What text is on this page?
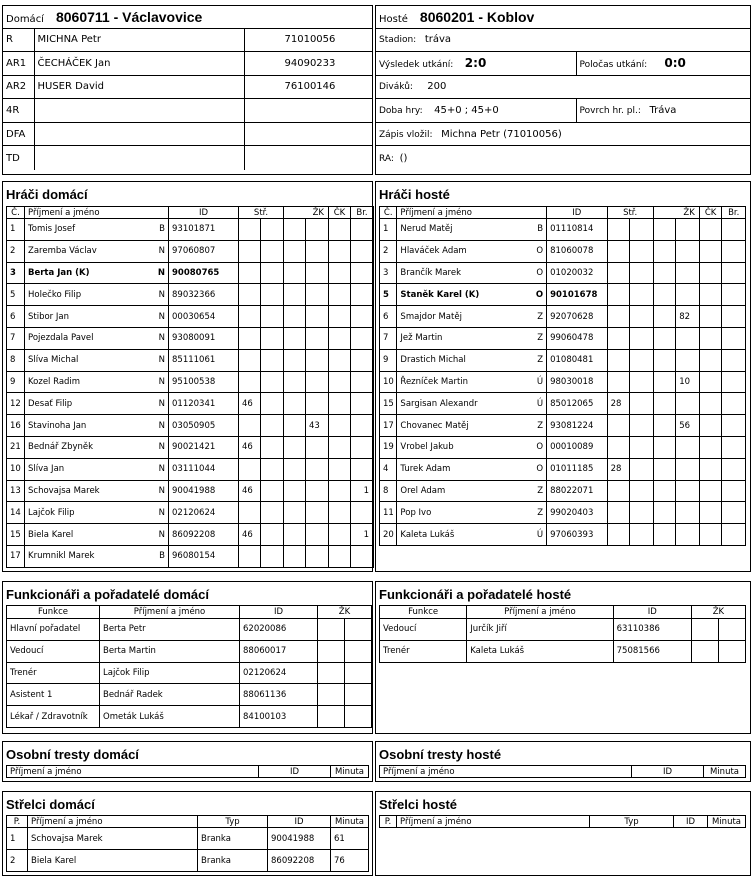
Domácí 8060711 - Václavovice		
R	MICHNA Petr	71010056
AR1	ČECHÁČEK Jan	94090233
AR2	HUSER David	76100146
4R		
DFA		
TD		
Hosté 8060201 - Koblov	
Stadion: tráva	
Výsledek utkání: 2:0	Poločas utkání: 0:0
Diváků: 200	
Doba hry: 45+0 ; 45+0	Povrch hr. pl.: Tráva
Zápis vložil: Michna Petr (71010056)	
RA: ()	
Hráči domácí
Č.	Příjmení a jméno	ID	Stř.		ŽK		ČK	Br.
1	Tomis Josef B	93101871						
2	Zaremba Václav N	97060807						
3	Berta Jan (K) N	90080765						
5	Holečko Filip N	89032366						
6	Stibor Jan N	00030654						
7	Pojezdala Pavel N	93080091						
8	Slíva Michal N	85111061						
9	Kozel Radim N	95100538						
12	Desať Filip N	01120341	46					
16	Stavinoha Jan N	03050905				43		
21	Bednář Zbyněk N	90021421	46					
10	Slíva Jan N	03111044						
13	Schovajsa Marek N	90041988	46					1
14	Lajčok Filip N	02120624						
15	Biela Karel N	86092208	46					1
17	Krumnikl Marek B	96080154						
Hráči hosté
Č.	Příjmení a jméno	ID	Stř.		ŽK		ČK	Br.
1	Nerud Matěj B	01110814						
2	Hlaváček Adam O	81060078						
3	Brančík Marek O	01020032						
5	Staněk Karel (K) O	90101678						
6	Smajdor Matěj Z	92070628				82		
7	Jež Martin Z	99060478						
9	Drastich Michal Z	01080481						
10	Řezníček Martin Ú	98030018				10		
15	Sargisan Alexandr Ú	85012065	28					
17	Chovanec Matěj Z	93081224				56		
19	Vrobel Jakub O	00010089						
4	Turek Adam O	01011185	28					
8	Orel Adam Z	88022071						
11	Pop Ivo Z	99020403						
20	Kaleta Lukáš Ú	97060393						
Funkcionáři a pořadatelé domácí
Funkce	Příjmení a jméno	ID	ŽK	
Hlavní pořadatel	Berta Petr	62020086		
Vedoucí	Berta Martin	88060017		
Trenér	Lajčok Filip	02120624		
Asistent 1	Bednář Radek	88061136		
Lékař / Zdravotník	Ometák Lukáš	84100103		
Funkcionáři a pořadatelé hosté
Funkce	Příjmení a jméno	ID	ŽK	
Vedoucí	Jurčík Jiří	63110386		
Trenér	Kaleta Lukáš	75081566		
Osobní tresty domácí
Příjmení a jméno	ID	Minuta
Osobní tresty hosté
Příjmení a jméno	ID	Minuta
Střelci domácí
P.	Příjmení a jméno	Typ	ID	Minuta
1	Schovajsa Marek	Branka	90041988	61
2	Biela Karel	Branka	86092208	76
Střelci hosté
P.	Příjmení a jméno	Typ	ID	Minuta
